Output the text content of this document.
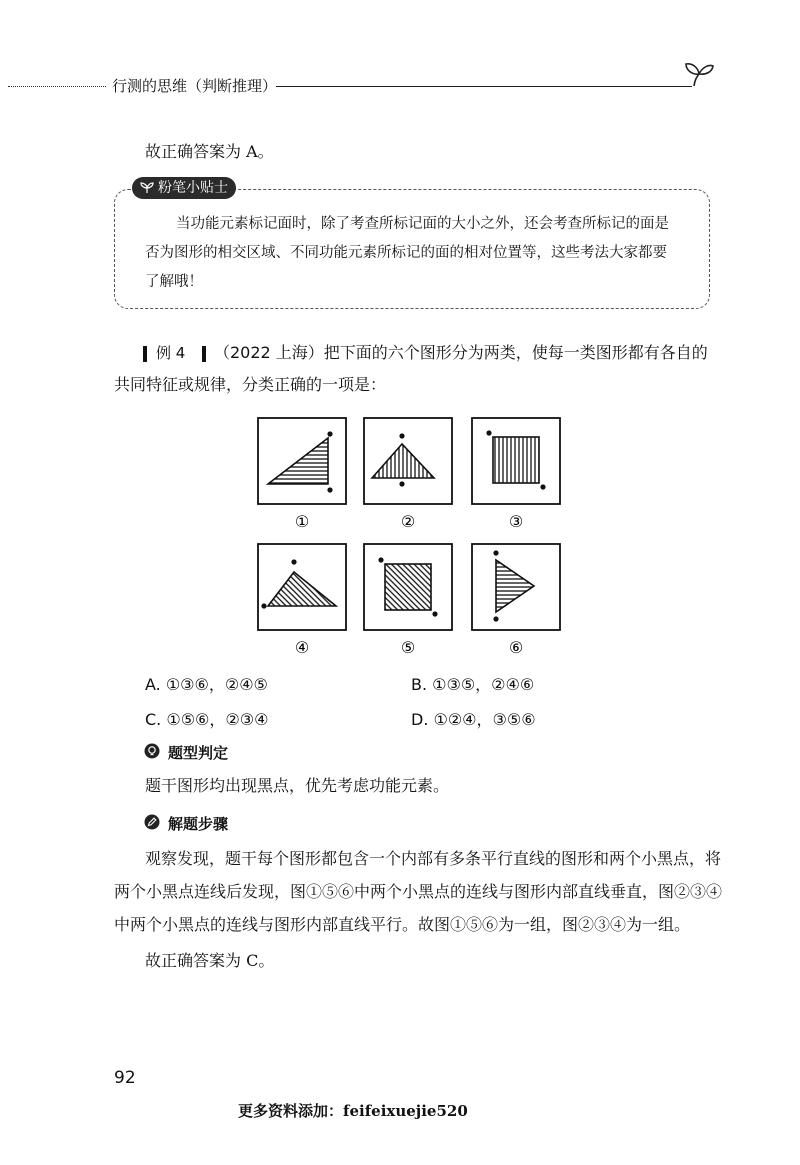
行测的思维（判断推理）
故正确答案为 A。
粉笔小贴士
当功能元素标记面时，除了考查所标记面的大小之外，还会考查所标记的面是
否为图形的相交区域、不同功能元素所标记的面的相对位置等，这些考法大家都要
了解哦！
例 4 （2022 上海）把下面的六个图形分为两类，使每一类图形都有各自的
共同特征或规律，分类正确的一项是：
①	②	③
④	⑤	⑥
A. ①③⑥，②④⑤	B. ①③⑤，②④⑥
C. ①⑤⑥，②③④	D. ①②④，③⑤⑥
题型判定
题干图形均出现黑点，优先考虑功能元素。
解题步骤
观察发现，题干每个图形都包含一个内部有多条平行直线的图形和两个小黑点，将
两个小黑点连线后发现，图①⑤⑥中两个小黑点的连线与图形内部直线垂直，图②③④
中两个小黑点的连线与图形内部直线平行。故图①⑤⑥为一组，图②③④为一组。
故正确答案为 C。
92
更多资料添加：feifeixuejie520
